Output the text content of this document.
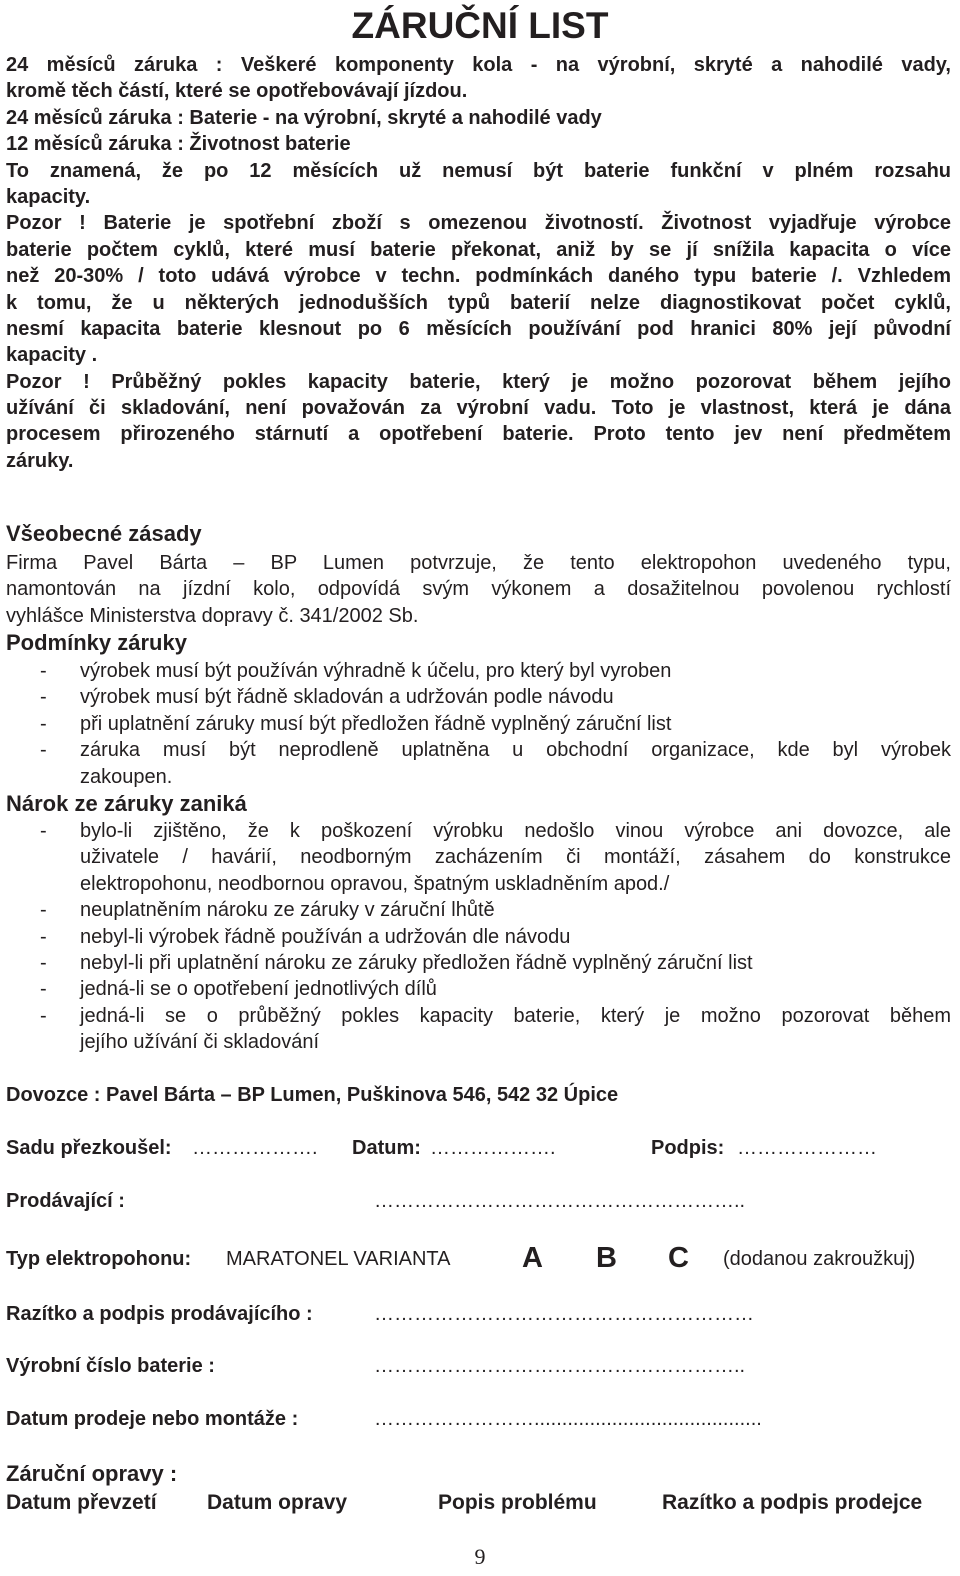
ZÁRUČNÍ LIST
24 měsíců záruka : Veškeré komponenty kola - na výrobní, skryté a nahodilé vady,
kromě těch částí, které se opotřebovávají jízdou.
24 měsíců záruka : Baterie - na výrobní, skryté a nahodilé vady
12 měsíců záruka : Životnost baterie
To znamená, že po 12 měsících už nemusí být baterie funkční v plném rozsahu
kapacity.
Pozor ! Baterie je spotřební zboží s omezenou životností. Životnost vyjadřuje výrobce
baterie počtem cyklů, které musí baterie překonat, aniž by se jí snížila kapacita o více
než 20-30% / toto udává výrobce v techn. podmínkách daného typu baterie /. Vzhledem
k tomu, že u některých jednodušších typů baterií nelze diagnostikovat počet cyklů,
nesmí kapacita baterie klesnout po 6 měsících používání pod hranici 80% její původní
kapacity .
Pozor ! Průběžný pokles kapacity baterie, který je možno pozorovat během jejího
užívání či skladování, není považován za výrobní vadu. Toto je vlastnost, která je dána
procesem přirozeného stárnutí a opotřebení baterie. Proto tento jev není předmětem
záruky.
Všeobecné zásady
Firma Pavel Bárta – BP Lumen potvrzuje, že tento elektropohon uvedeného typu,
namontován na jízdní kolo, odpovídá svým výkonem a dosažitelnou povolenou rychlostí
vyhlášce Ministerstva dopravy č. 341/2002 Sb.
Podmínky záruky
- výrobek musí být používán výhradně k účelu, pro který byl vyroben
- výrobek musí být řádně skladován a udržován podle návodu
- při uplatnění záruky musí být předložen řádně vyplněný záruční list
- záruka musí být neprodleně uplatněna u obchodní organizace, kde byl výrobek
zakoupen.
Nárok ze záruky zaniká
- bylo-li zjištěno, že k poškození výrobku nedošlo vinou výrobce ani dovozce, ale
uživatele / havárií, neodborným zacházením či montáží, zásahem do konstrukce
elektropohonu, neodbornou opravou, špatným uskladněním apod./
- neuplatněním nároku ze záruky v záruční lhůtě
- nebyl-li výrobek řádně používán a udržován dle návodu
- nebyl-li při uplatnění nároku ze záruky předložen řádně vyplněný záruční list
- jedná-li se o opotřebení jednotlivých dílů
- jedná-li se o průběžný pokles kapacity baterie, který je možno pozorovat během
jejího užívání či skladování
Dovozce : Pavel Bárta – BP Lumen, Puškinova 546, 542 32 Úpice
Sadu přezkoušel: ………………. Datum: ……………….	Podpis: …………………
Prodávající :	………………………………………………..
Typ elektropohonu: MARATONEL VARIANTA A B C (dodanou zakroužkuj)
Razítko a podpis prodávajícího :	…………………………………………………
Výrobní číslo baterie :	………………………………………………..
Datum prodeje nebo montáže :	…………………….........................................
Záruční opravy :
Datum převzetí Datum opravy	Popis problému	Razítko a podpis prodejce
9
